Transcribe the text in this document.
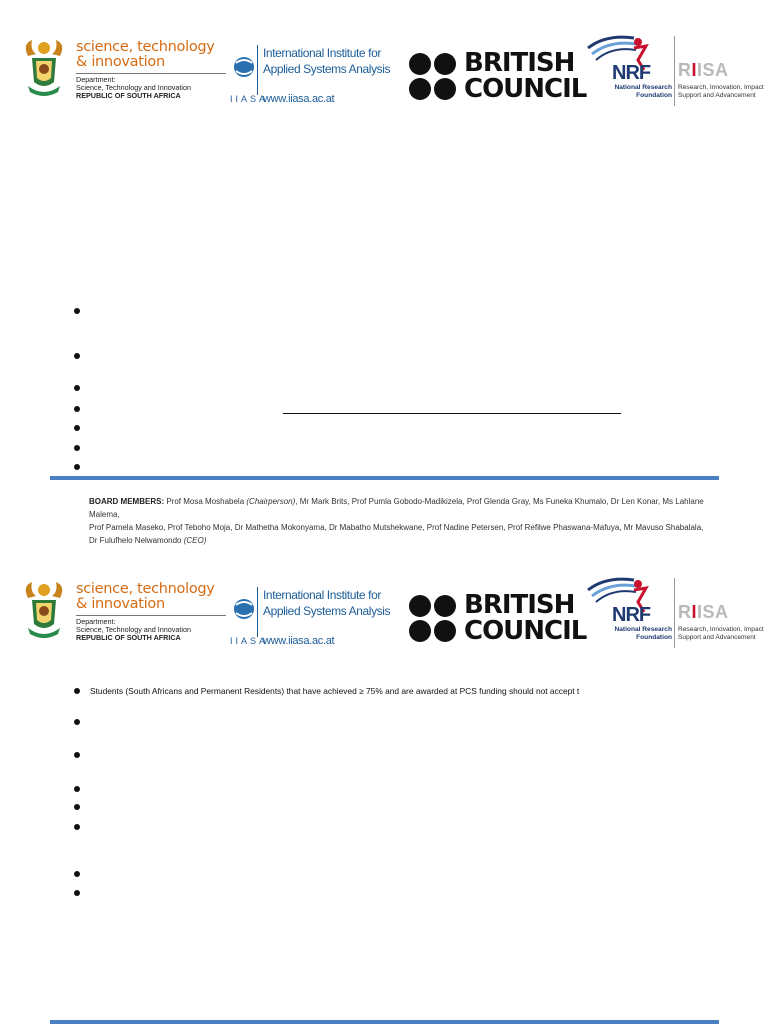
science, technology
& innovation
Department:
Science, Technology and Innovation
REPUBLIC OF SOUTH AFRICA
International Institute for
Applied Systems Analysis
IIASA
www.iiasa.ac.at
BRITISH
COUNCIL
NRF
National Research
Foundation
RIISA
Research, Innovation, Impact
Support and Advancement
BOARD MEMBERS: Prof Mosa Moshabela (Chairperson), Mr Mark Brits, Prof Pumla Gobodo-Madikizela, Prof Glenda Gray, Ms Funeka Khumalo, Dr Len Konar, Ms Lahlane Malema,
Prof Pamela Maseko, Prof Teboho Moja, Dr Mathetha Mokonyama, Dr Mabatho Mutshekwane, Prof Nadine Petersen, Prof Refilwe Phaswana-Mafuya, Mr Mavuso Shabalala,
Dr Fulufhelo Nelwamondo (CEO)
science, technology
& innovation
Department:
Science, Technology and Innovation
REPUBLIC OF SOUTH AFRICA
International Institute for
Applied Systems Analysis
IIASA
www.iiasa.ac.at
BRITISH
COUNCIL
NRF
National Research
Foundation
RIISA
Research, Innovation, Impact
Support and Advancement
Students (South Africans and Permanent Residents) that have achieved ≥ 75% and are awarded at PCS funding should not accept t
